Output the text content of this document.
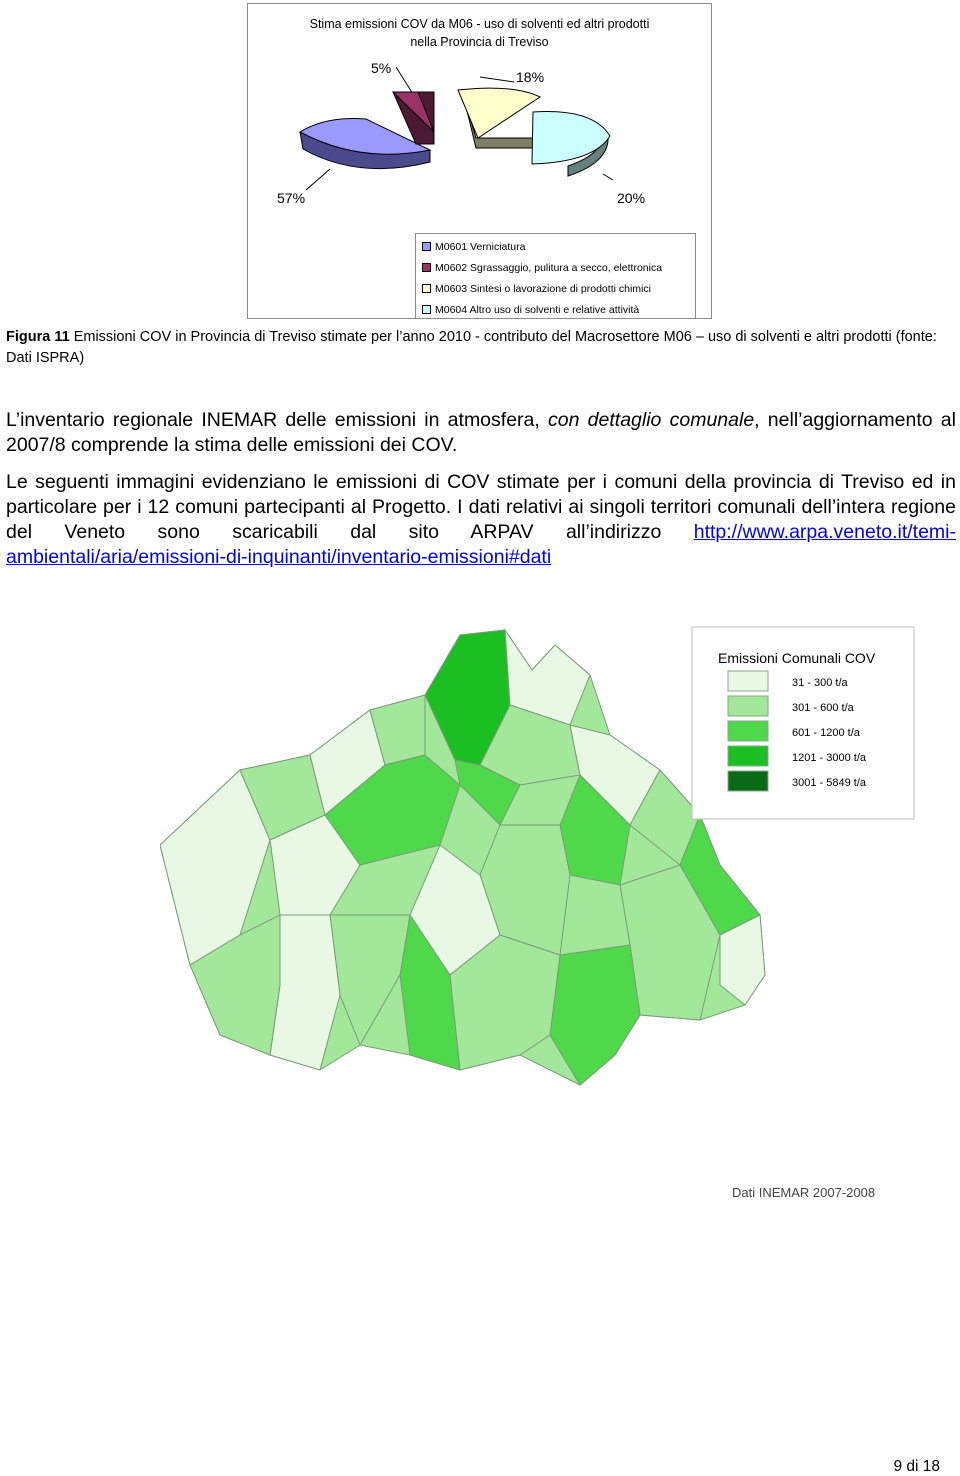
Stima emissioni COV da M06 - uso di solventi ed altri prodotti
nella Provincia di Treviso
5%
18%
57%	20%
M0601 Verniciatura
M0602 Sgrassaggio, pulitura a secco, elettronica
M0603 Sintesi o lavorazione di prodotti chimici
M0604 Altro uso di solventi e relative attività
Figura 11 Emissioni COV in Provincia di Treviso stimate per l’anno 2010 - contributo del Macrosettore M06 – uso di solventi e altri prodotti (fonte: Dati ISPRA)
L’inventario regionale INEMAR delle emissioni in atmosfera, con dettaglio comunale, nell’aggiornamento al 2007/8 comprende la stima delle emissioni dei COV.
Le seguenti immagini evidenziano le emissioni di COV stimate per i comuni della provincia di Treviso ed in particolare per i 12 comuni partecipanti al Progetto. I dati relativi ai singoli territori comunali dell’intera regione del Veneto sono scaricabili dal sito ARPAV all’indirizzo http://www.arpa.veneto.it/temi-ambientali/aria/emissioni-di-inquinanti/inventario-emissioni#dati
Emissioni Comunali COV
31 - 300 t/a
301 - 600 t/a
601 - 1200 t/a
1201 - 3000 t/a
3001 - 5849 t/a
Dati INEMAR 2007-2008
9 di 18
